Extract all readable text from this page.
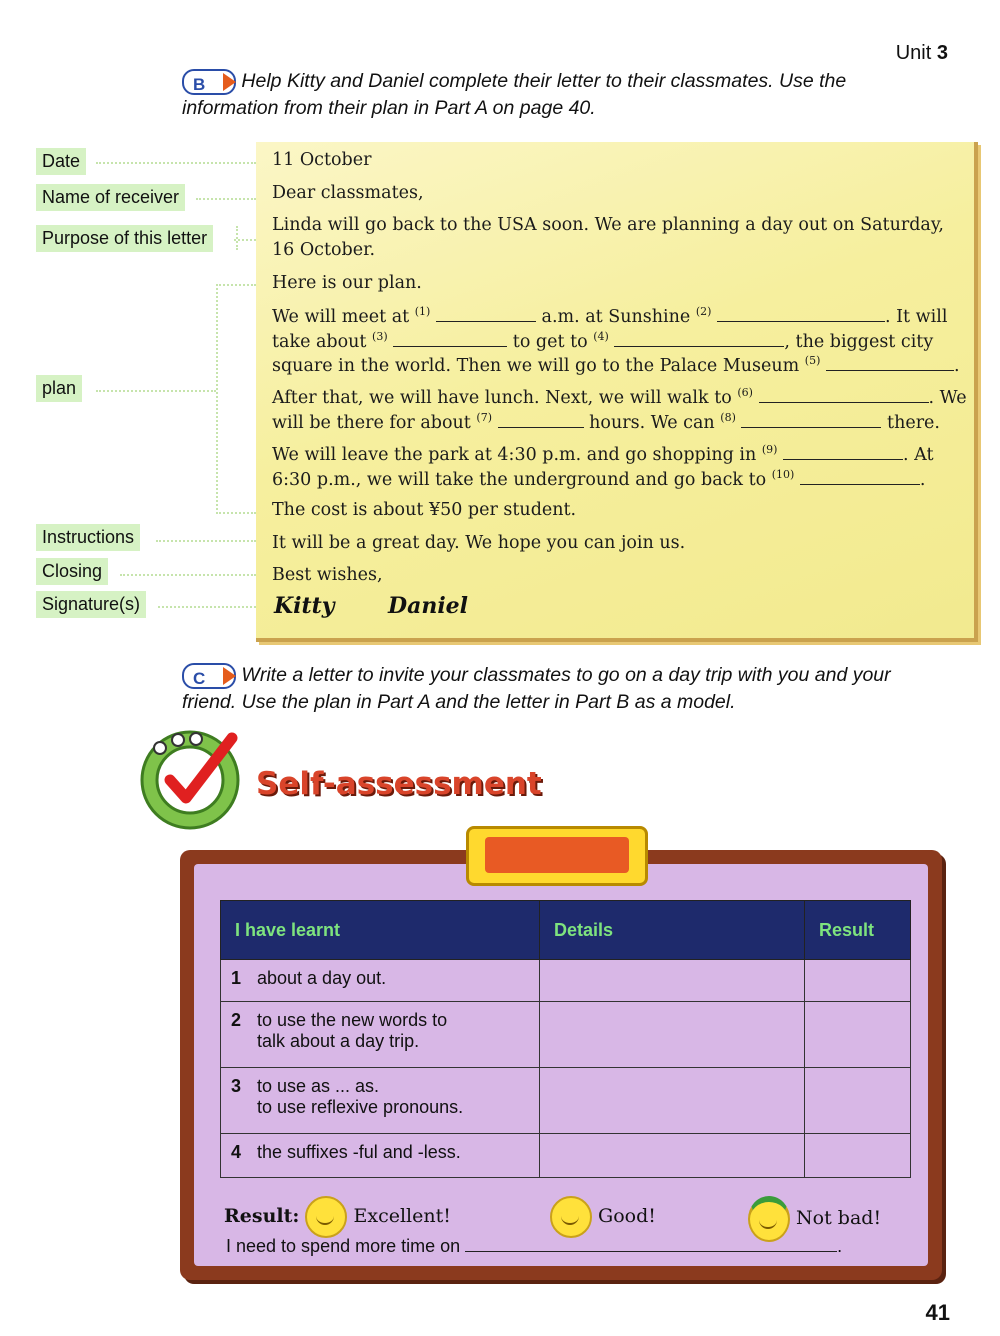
Unit 3
B Help Kitty and Daniel complete their letter to their classmates. Use the
information from their plan in Part A on page 40.
Date
Name of receiver
Purpose of this letter
plan
Instructions
Closing
Signature(s)
11 October
Dear classmates,
Linda will go back to the USA soon. We are planning a day out on Saturday,
16 October.
Here is our plan.
We will meet at $^{(1)}$	a.m. at Sunshine $^{(2)}$	. It will
take about $^{(3)}$	to get to $^{(4)}$	, the biggest city
square in the world. Then we will go to the Palace Museum $^{(5)}$	.
After that, we will have lunch. Next, we will walk to $^{(6)}$	. We
will be there for about $^{(7)}$	hours. We can $^{(8)}$	there.
We will leave the park at 4:30 p.m. and go shopping in $^{(9)}$	. At
6:30 p.m., we will take the underground and go back to $^{(10)}$	.
The cost is about ¥50 per student.
It will be a great day. We hope you can join us.
Best wishes,
Kitty Daniel
C Write a letter to invite your classmates to go on a day trip with you and your
friend. Use the plan in Part A and the letter in Part B as a model.
Self-assessment
I have learnt	Details	Result
1 about a day out.		
2 to use the new words to
talk about a day trip.		
3 to use as ... as.
to use reflexive pronouns.		
4 the suffixes -ful and -less.		
Result:	Excellent!	Good!	Not bad!
I need to spend more time on	.
41
